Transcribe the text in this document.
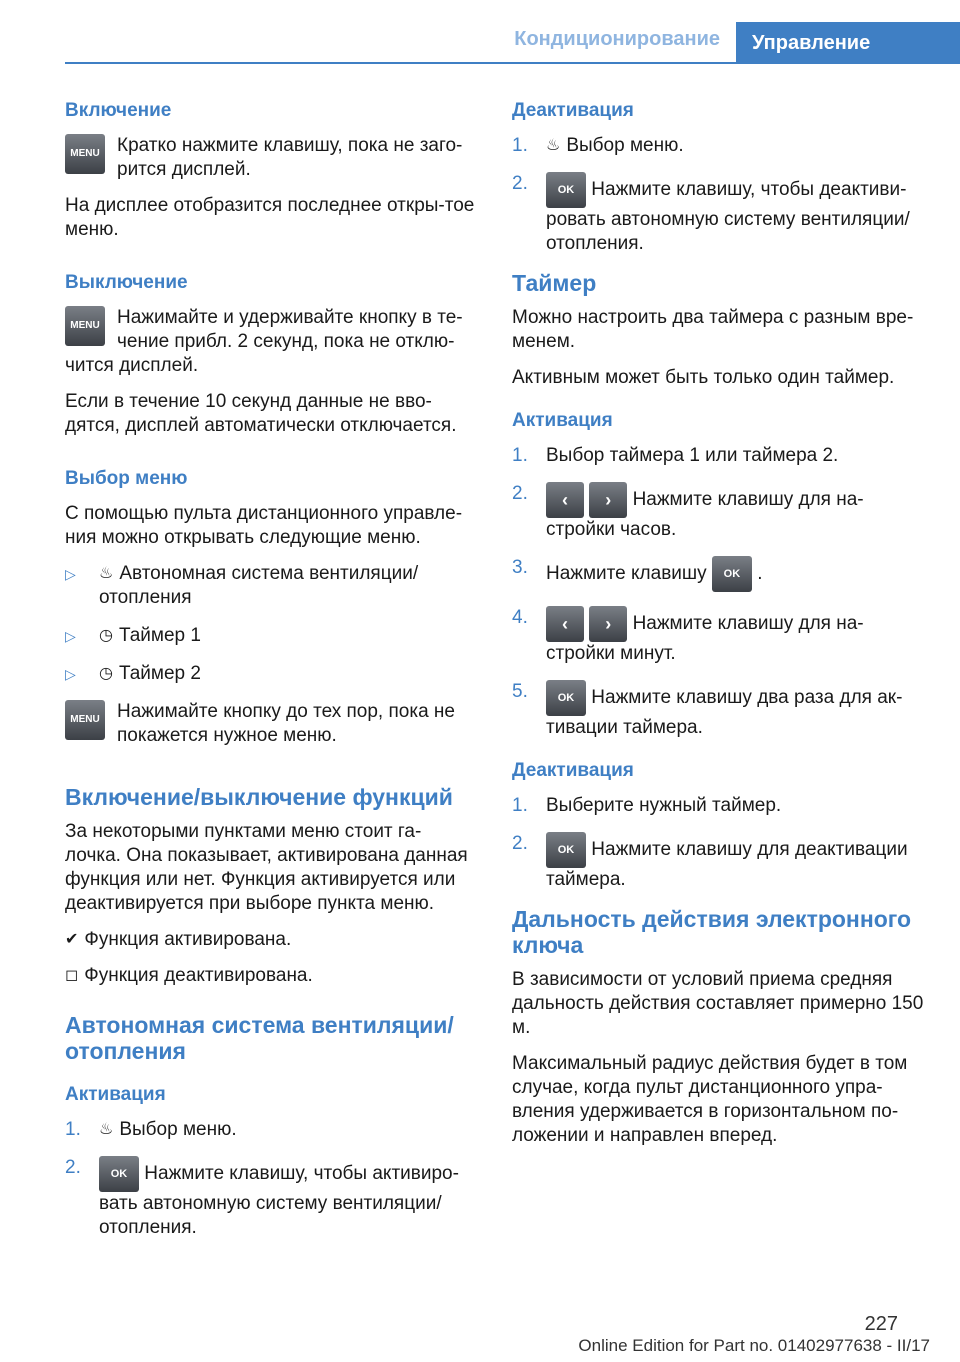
Кондиционирование	Управление
Включение
MENU Кратко нажмите клавишу, пока не заго-рится дисплей.

На дисплее отобразится последнее откры-тое меню.

Выключение
MENU Нажимайте и удерживайте кнопку в те-чение прибл. 2 секунд, пока не отклю-чится дисплей.

Если в течение 10 секунд данные не вво-дятся, дисплей автоматически отключается.

Выбор меню

С помощью пульта дистанционного управле-ния можно открывать следующие меню.

▷ ♨ Автономная система вентиляции/ отопления
▷ ◷ Таймер 1
▷ ◷ Таймер 2
MENU Нажимайте кнопку до тех пор, пока не покажется нужное меню.

Включение/выключение функций

За некоторыми пунктами меню стоит га-лочка. Она показывает, активирована данная функция или нет. Функция активируется или деактивируется при выборе пункта меню.

✔ Функция активирована.

◻ Функция деактивирована.

Автономная система вентиляции/ отопления
Активация
1. ♨ Выбор меню.
2.	OK Нажмите клавишу, чтобы активиро-вать автономную систему вентиляции/ отопления.
Деактивация
1. ♨ Выбор меню.
2.	OK Нажмите клавишу, чтобы деактиви-ровать автономную систему вентиляции/ отопления.
Таймер

Можно настроить два таймера с разным вре-менем.

Активным может быть только один таймер.

Активация
1. Выбор таймера 1 или таймера 2.
2. ‹ › Нажмите клавишу для на-стройки часов.
3. Нажмите клавишу OK .
4. ‹ › Нажмите клавишу для на-стройки минут.
5.	OK Нажмите клавишу два раза для ак-тивации таймера.
Деактивация
1. Выберите нужный таймер.
2.	OK Нажмите клавишу для деактивации таймера.
Дальность действия электронного ключа

В зависимости от условий приема средняя дальность действия составляет примерно 150 м.

Максимальный радиус действия будет в том случае, когда пульт дистанционного упра-вления удерживается в горизонтальном по-ложении и направлен вперед.

227
Online Edition for Part no. 01402977638 - II/17
